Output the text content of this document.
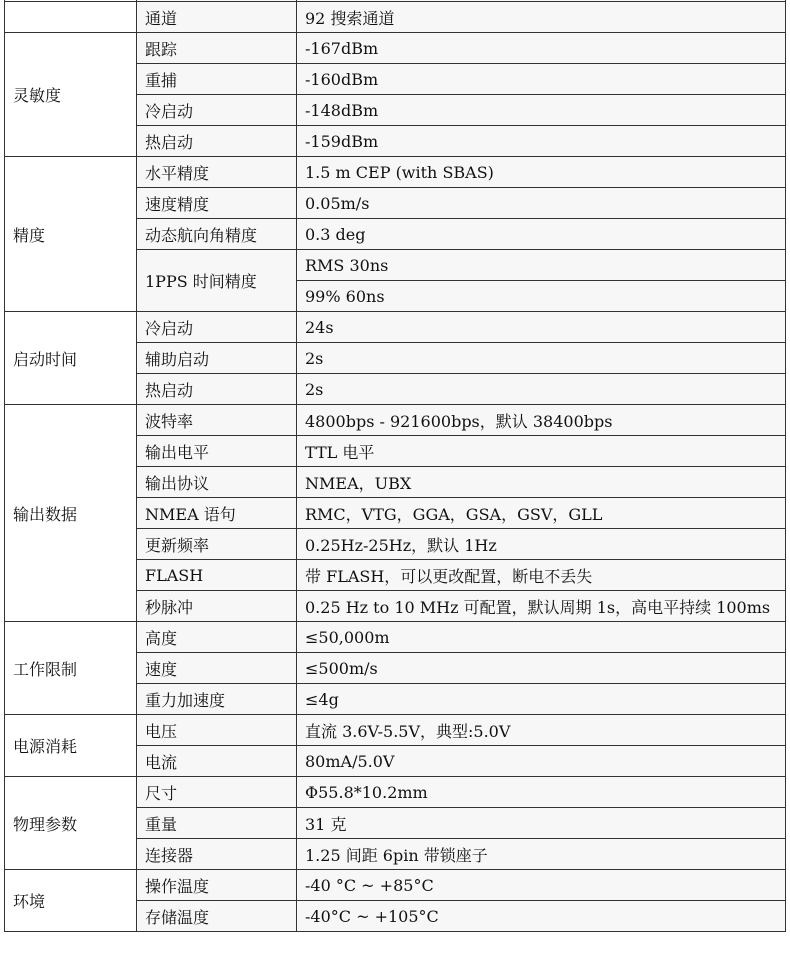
	通道	92 搜索通道
灵敏度	跟踪	-167dBm
	重捕	-160dBm
	冷启动	-148dBm
	热启动	-159dBm
精度	水平精度	1.5 m CEP (with SBAS)
	速度精度	0.05m/s
	动态航向角精度	0.3 deg
	1PPS 时间精度	RMS 30ns
		99% 60ns
启动时间	冷启动	24s
	辅助启动	2s
	热启动	2s
输出数据	波特率	4800bps - 921600bps，默认 38400bps
	输出电平	TTL 电平
	输出协议	NMEA，UBX
	NMEA 语句	RMC，VTG，GGA，GSA，GSV，GLL
	更新频率	0.25Hz-25Hz，默认 1Hz
	FLASH	带 FLASH，可以更改配置，断电不丢失
	秒脉冲	0.25 Hz to 10 MHz 可配置，默认周期 1s，高电平持续 100ms
工作限制	高度	≤50,000m
	速度	≤500m/s
	重力加速度	≤4g
电源消耗	电压	直流 3.6V-5.5V，典型:5.0V
	电流	80mA/5.0V
物理参数	尺寸	Φ55.8*10.2mm
	重量	31 克
	连接器	1.25 间距 6pin 带锁座子
环境	操作温度	-40 °C ~ +85°C
	存储温度	-40°C ~ +105°C
